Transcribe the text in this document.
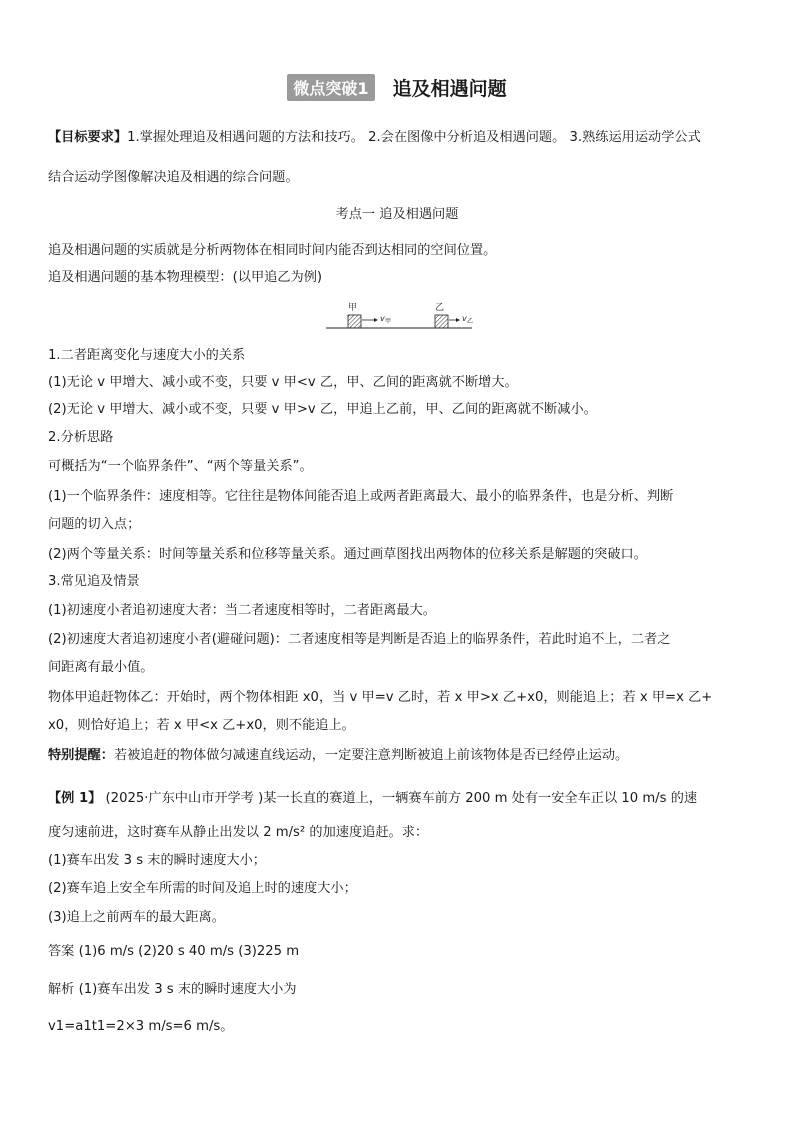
微点突破1 追及相遇问题
【目标要求】1.掌握处理追及相遇问题的方法和技巧。 2.会在图像中分析追及相遇问题。 3.熟练运用运动学公式
结合运动学图像解决追及相遇的综合问题。
考点一 追及相遇问题
追及相遇问题的实质就是分析两物体在相同时间内能否到达相同的空间位置。
追及相遇问题的基本物理模型：(以甲追乙为例)
甲
v 甲
乙
v 乙
1.二者距离变化与速度大小的关系
(1)无论 v 甲增大、减小或不变，只要 v 甲<v 乙，甲、乙间的距离就不断增大。
(2)无论 v 甲增大、减小或不变，只要 v 甲>v 乙，甲追上乙前，甲、乙间的距离就不断减小。
2.分析思路
可概括为“一个临界条件”、“两个等量关系”。
(1)一个临界条件：速度相等。它往往是物体间能否追上或两者距离最大、最小的临界条件，也是分析、判断
问题的切入点；
(2)两个等量关系：时间等量关系和位移等量关系。通过画草图找出两物体的位移关系是解题的突破口。
3.常见追及情景
(1)初速度小者追初速度大者：当二者速度相等时，二者距离最大。
(2)初速度大者追初速度小者(避碰问题)：二者速度相等是判断是否追上的临界条件，若此时追不上，二者之
间距离有最小值。
物体甲追赶物体乙：开始时，两个物体相距 x0，当 v 甲=v 乙时，若 x 甲>x 乙+x0，则能追上；若 x 甲=x 乙+
x0，则恰好追上；若 x 甲<x 乙+x0，则不能追上。
特别提醒：若被追赶的物体做匀减速直线运动，一定要注意判断被追上前该物体是否已经停止运动。
【例 1】 (2025·广东中山市开学考 )某一长直的赛道上，一辆赛车前方 200 m 处有一安全车正以 10 m/s 的速
度匀速前进，这时赛车从静止出发以 2 m/s² 的加速度追赶。求：
(1)赛车出发 3 s 末的瞬时速度大小；
(2)赛车追上安全车所需的时间及追上时的速度大小；
(3)追上之前两车的最大距离。
答案 (1)6 m/s (2)20 s 40 m/s (3)225 m
解析 (1)赛车出发 3 s 末的瞬时速度大小为
v1=a1t1=2×3 m/s=6 m/s。
